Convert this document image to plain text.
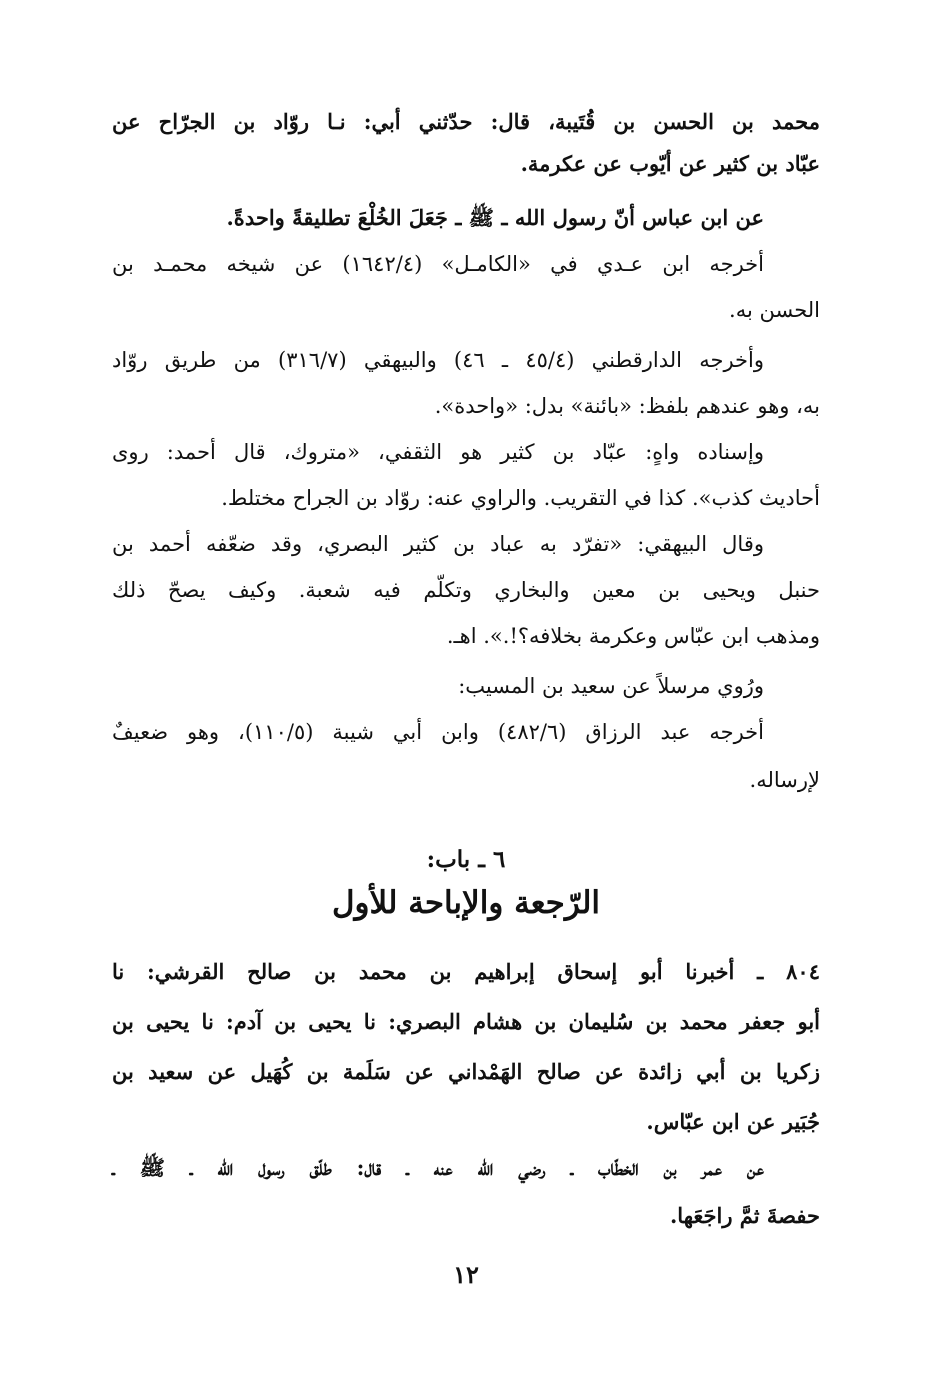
محمد بن الحسن بن قُتَيبة، قال: حدّثني أبي: نـا روّاد بن الجرّاح عن
عبّاد بن كثير عن أيّوب عن عكرمة.
عن ابن عباس أنّ رسول الله ـ ﷺ ـ جَعَلَ الخُلْعَ تطليقةً واحدةً.
أخرجه ابن عـدي في «الكامـل» (١٦٤٢/٤) عن شيخه محمـد بن
الحسن به.
وأخرجه الدارقطني (٤٥/٤ ـ ٤٦) والبيهقي (٣١٦/٧) من طريق روّاد
به، وهو عندهم بلفظ: «بائنة» بدل: «واحدة».
وإسناده واهٍ: عبّاد بن كثير هو الثقفي، «متروك، قال أحمد: روى
أحاديث كذب». كذا في التقريب. والراوي عنه: روّاد بن الجراح مختلط.
وقال البيهقي: «تفرّد به عباد بن كثير البصري، وقد ضعّفه أحمد بن
حنبل ويحيى بن معين والبخاري وتكلّم فيه شعبة. وكيف يصحّ ذلك
ومذهب ابن عبّاس وعكرمة بخلافه؟!.». اهـ.
ورُوي مرسلاً عن سعيد بن المسيب:
أخرجه عبد الرزاق (٤٨٢/٦) وابن أبي شيبة (١١٠/٥)، وهو ضعيفٌ
لإرساله.
٦ ـ باب:
الرّجعة والإباحة للأول
٨٠٤ ـ أخبرنا أبو إسحاق إبراهيم بن محمد بن صالح القرشي: نا
أبو جعفر محمد بن سُليمان بن هشام البصري: نا يحيى بن آدم: نا يحيى بن
زكريا بن أبي زائدة عن صالح الهَمْداني عن سَلَمة بن كُهَيل عن سعيد بن
جُبَير عن ابن عبّاس.
عن عمر بن الخطّاب ـ رضي الله عنه ـ قال: طلّق رسول الله ـ ﷺ ـ
حفصةَ ثمَّ راجَعَها.
١٢
